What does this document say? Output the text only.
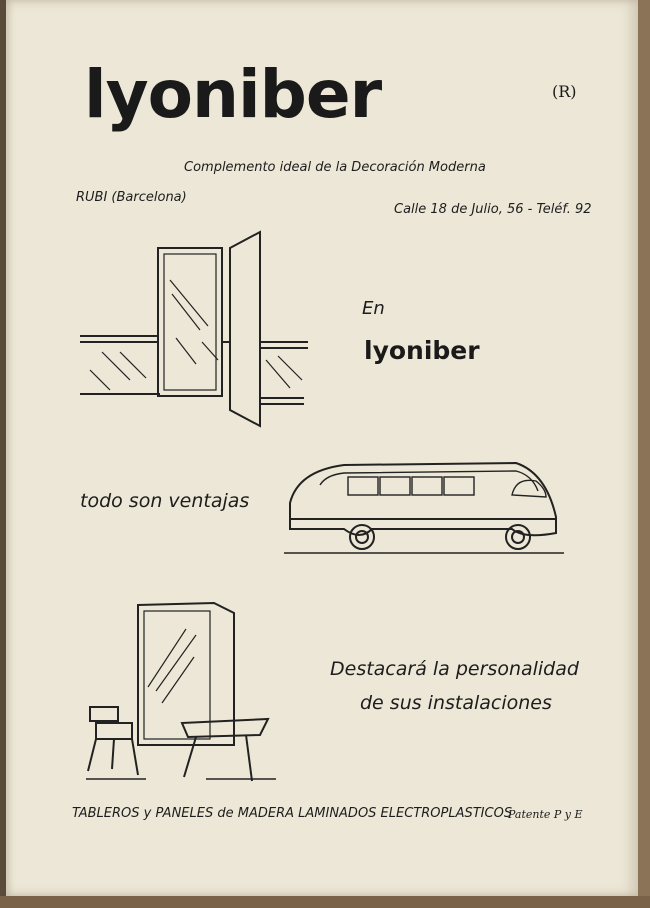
lyoniber	(R)
Complemento ideal de la Decoración Moderna
RUBI (Barcelona)
Calle 18 de Julio, 56 - Teléf. 92
En
lyoniber
todo son ventajas
Destacará la personalidad
de sus instalaciones
TABLEROS y PANELES de MADERA LAMINADOS ELECTROPLASTICOS
Patente P y E
